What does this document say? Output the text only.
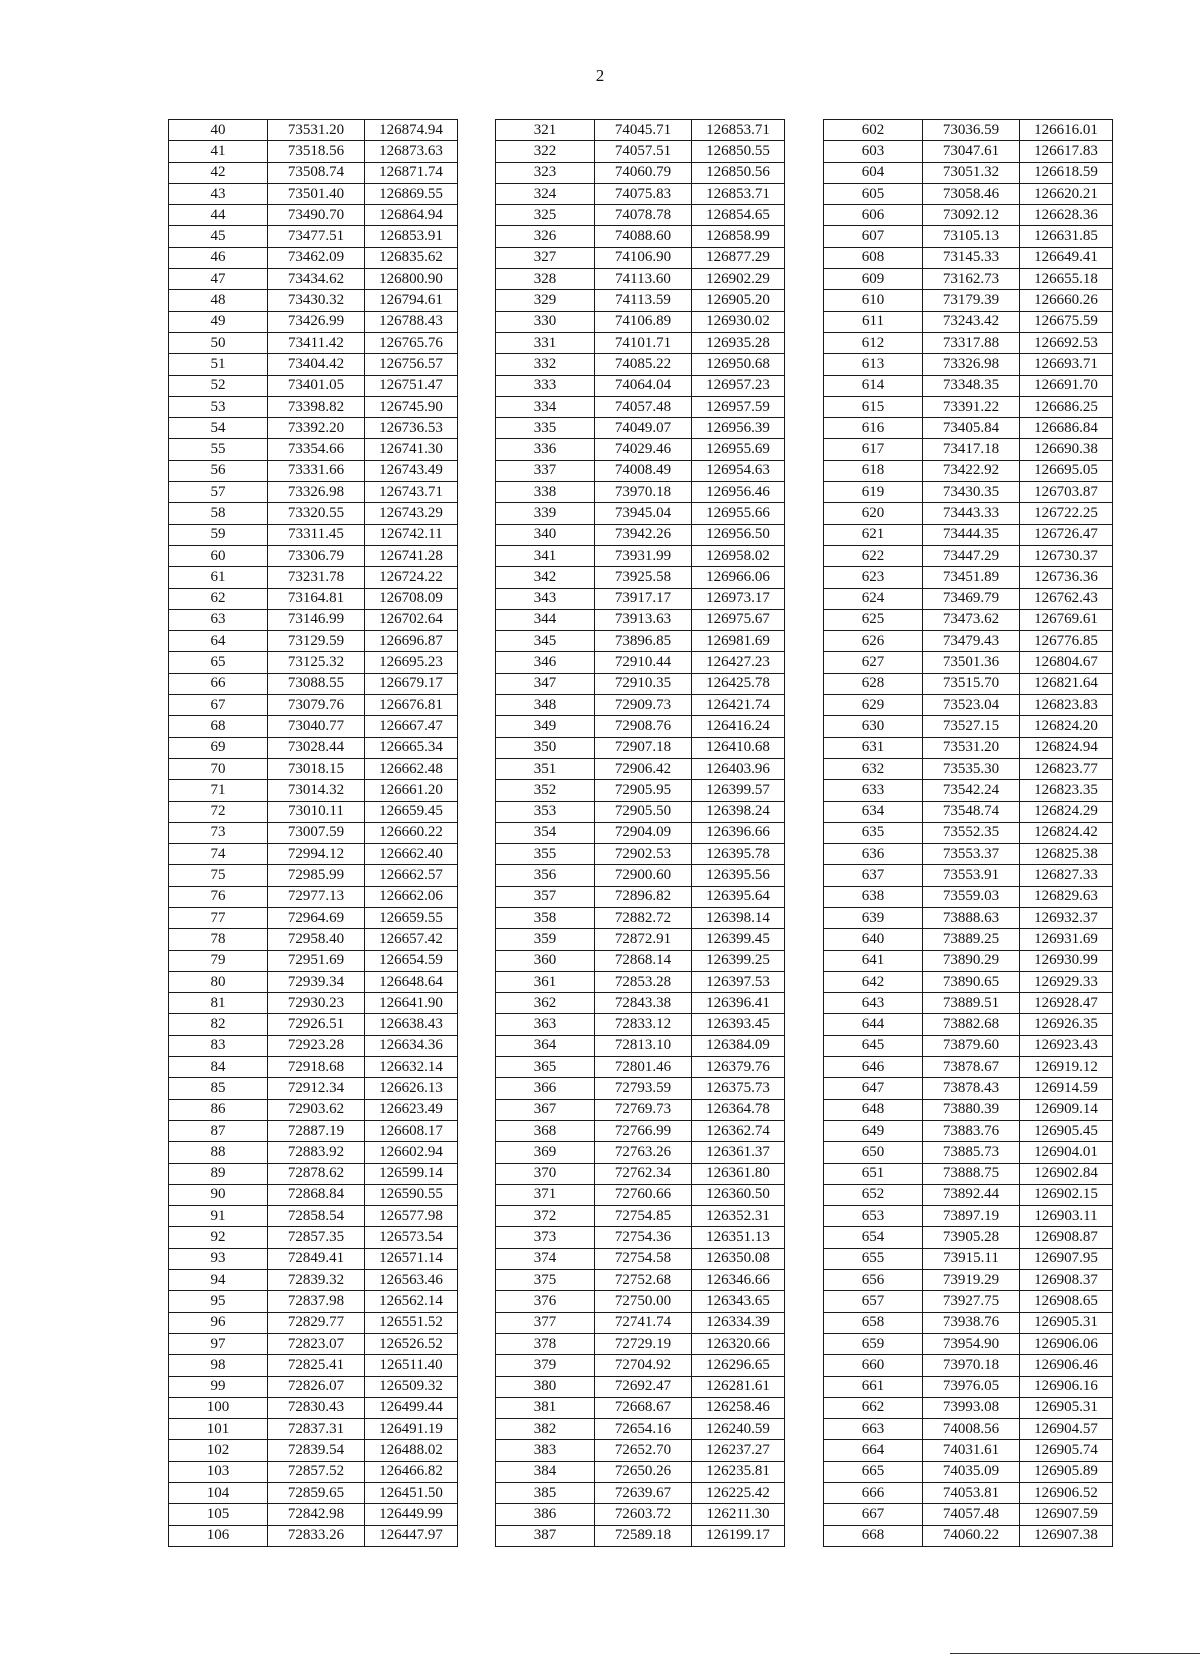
2
40	73531.20	126874.94
41	73518.56	126873.63
42	73508.74	126871.74
43	73501.40	126869.55
44	73490.70	126864.94
45	73477.51	126853.91
46	73462.09	126835.62
47	73434.62	126800.90
48	73430.32	126794.61
49	73426.99	126788.43
50	73411.42	126765.76
51	73404.42	126756.57
52	73401.05	126751.47
53	73398.82	126745.90
54	73392.20	126736.53
55	73354.66	126741.30
56	73331.66	126743.49
57	73326.98	126743.71
58	73320.55	126743.29
59	73311.45	126742.11
60	73306.79	126741.28
61	73231.78	126724.22
62	73164.81	126708.09
63	73146.99	126702.64
64	73129.59	126696.87
65	73125.32	126695.23
66	73088.55	126679.17
67	73079.76	126676.81
68	73040.77	126667.47
69	73028.44	126665.34
70	73018.15	126662.48
71	73014.32	126661.20
72	73010.11	126659.45
73	73007.59	126660.22
74	72994.12	126662.40
75	72985.99	126662.57
76	72977.13	126662.06
77	72964.69	126659.55
78	72958.40	126657.42
79	72951.69	126654.59
80	72939.34	126648.64
81	72930.23	126641.90
82	72926.51	126638.43
83	72923.28	126634.36
84	72918.68	126632.14
85	72912.34	126626.13
86	72903.62	126623.49
87	72887.19	126608.17
88	72883.92	126602.94
89	72878.62	126599.14
90	72868.84	126590.55
91	72858.54	126577.98
92	72857.35	126573.54
93	72849.41	126571.14
94	72839.32	126563.46
95	72837.98	126562.14
96	72829.77	126551.52
97	72823.07	126526.52
98	72825.41	126511.40
99	72826.07	126509.32
100	72830.43	126499.44
101	72837.31	126491.19
102	72839.54	126488.02
103	72857.52	126466.82
104	72859.65	126451.50
105	72842.98	126449.99
106	72833.26	126447.97
321	74045.71	126853.71
322	74057.51	126850.55
323	74060.79	126850.56
324	74075.83	126853.71
325	74078.78	126854.65
326	74088.60	126858.99
327	74106.90	126877.29
328	74113.60	126902.29
329	74113.59	126905.20
330	74106.89	126930.02
331	74101.71	126935.28
332	74085.22	126950.68
333	74064.04	126957.23
334	74057.48	126957.59
335	74049.07	126956.39
336	74029.46	126955.69
337	74008.49	126954.63
338	73970.18	126956.46
339	73945.04	126955.66
340	73942.26	126956.50
341	73931.99	126958.02
342	73925.58	126966.06
343	73917.17	126973.17
344	73913.63	126975.67
345	73896.85	126981.69
346	72910.44	126427.23
347	72910.35	126425.78
348	72909.73	126421.74
349	72908.76	126416.24
350	72907.18	126410.68
351	72906.42	126403.96
352	72905.95	126399.57
353	72905.50	126398.24
354	72904.09	126396.66
355	72902.53	126395.78
356	72900.60	126395.56
357	72896.82	126395.64
358	72882.72	126398.14
359	72872.91	126399.45
360	72868.14	126399.25
361	72853.28	126397.53
362	72843.38	126396.41
363	72833.12	126393.45
364	72813.10	126384.09
365	72801.46	126379.76
366	72793.59	126375.73
367	72769.73	126364.78
368	72766.99	126362.74
369	72763.26	126361.37
370	72762.34	126361.80
371	72760.66	126360.50
372	72754.85	126352.31
373	72754.36	126351.13
374	72754.58	126350.08
375	72752.68	126346.66
376	72750.00	126343.65
377	72741.74	126334.39
378	72729.19	126320.66
379	72704.92	126296.65
380	72692.47	126281.61
381	72668.67	126258.46
382	72654.16	126240.59
383	72652.70	126237.27
384	72650.26	126235.81
385	72639.67	126225.42
386	72603.72	126211.30
387	72589.18	126199.17
602	73036.59	126616.01
603	73047.61	126617.83
604	73051.32	126618.59
605	73058.46	126620.21
606	73092.12	126628.36
607	73105.13	126631.85
608	73145.33	126649.41
609	73162.73	126655.18
610	73179.39	126660.26
611	73243.42	126675.59
612	73317.88	126692.53
613	73326.98	126693.71
614	73348.35	126691.70
615	73391.22	126686.25
616	73405.84	126686.84
617	73417.18	126690.38
618	73422.92	126695.05
619	73430.35	126703.87
620	73443.33	126722.25
621	73444.35	126726.47
622	73447.29	126730.37
623	73451.89	126736.36
624	73469.79	126762.43
625	73473.62	126769.61
626	73479.43	126776.85
627	73501.36	126804.67
628	73515.70	126821.64
629	73523.04	126823.83
630	73527.15	126824.20
631	73531.20	126824.94
632	73535.30	126823.77
633	73542.24	126823.35
634	73548.74	126824.29
635	73552.35	126824.42
636	73553.37	126825.38
637	73553.91	126827.33
638	73559.03	126829.63
639	73888.63	126932.37
640	73889.25	126931.69
641	73890.29	126930.99
642	73890.65	126929.33
643	73889.51	126928.47
644	73882.68	126926.35
645	73879.60	126923.43
646	73878.67	126919.12
647	73878.43	126914.59
648	73880.39	126909.14
649	73883.76	126905.45
650	73885.73	126904.01
651	73888.75	126902.84
652	73892.44	126902.15
653	73897.19	126903.11
654	73905.28	126908.87
655	73915.11	126907.95
656	73919.29	126908.37
657	73927.75	126908.65
658	73938.76	126905.31
659	73954.90	126906.06
660	73970.18	126906.46
661	73976.05	126906.16
662	73993.08	126905.31
663	74008.56	126904.57
664	74031.61	126905.74
665	74035.09	126905.89
666	74053.81	126906.52
667	74057.48	126907.59
668	74060.22	126907.38
